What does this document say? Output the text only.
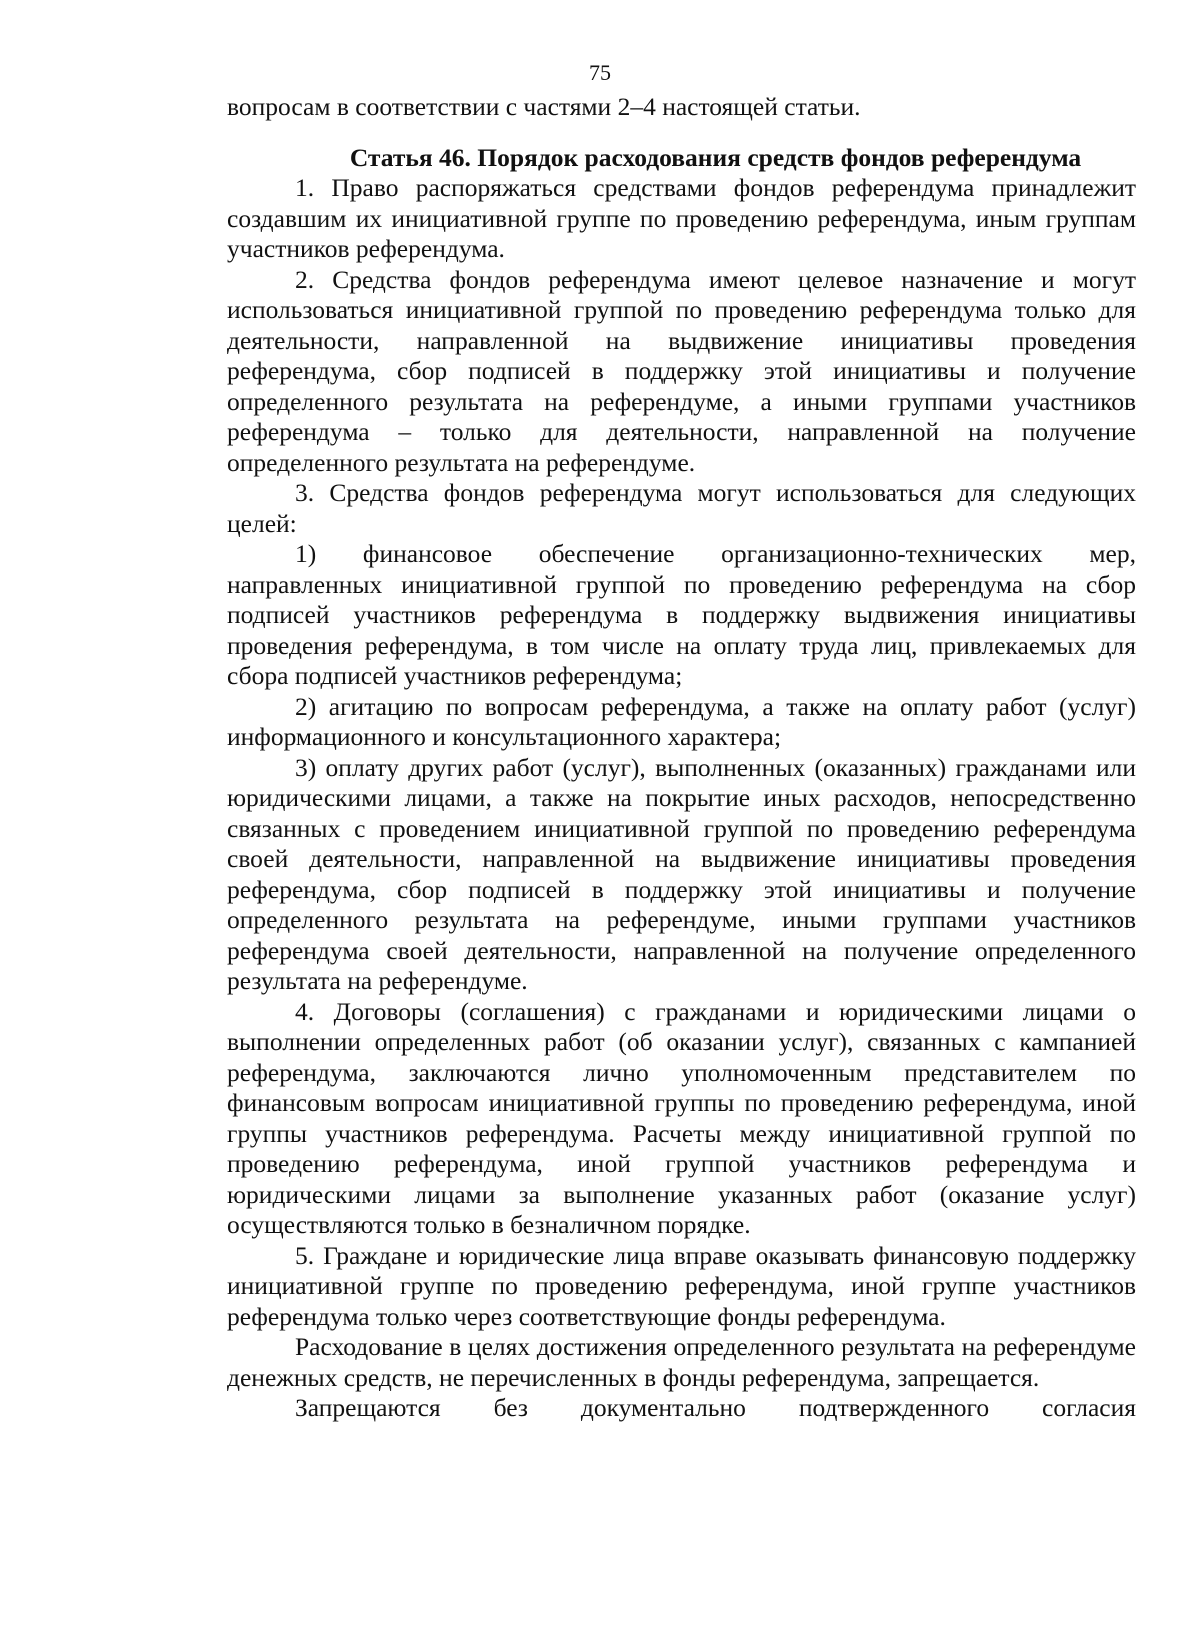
75

вопросам в соответствии с частями 2–4 настоящей статьи.

Статья 46. Порядок расходования средств фондов референдума

1. Право распоряжаться средствами фондов референдума принадлежит создавшим их инициативной группе по проведению референдума, иным группам участников референдума.

2. Средства фондов референдума имеют целевое назначение и могут использоваться инициативной группой по проведению референдума только для деятельности, направленной на выдвижение инициативы проведения референдума, сбор подписей в поддержку этой инициативы и получение определенного результата на референдуме, а иными группами участников референдума – только для деятельности, направленной на получение определенного результата на референдуме.

3. Средства фондов референдума могут использоваться для следующих целей:

1) финансовое обеспечение организационно-технических мер, направленных инициативной группой по проведению референдума на сбор подписей участников референдума в поддержку выдвижения инициативы проведения референдума, в том числе на оплату труда лиц, привлекаемых для сбора подписей участников референдума;

2) агитацию по вопросам референдума, а также на оплату работ (услуг) информационного и консультационного характера;

3) оплату других работ (услуг), выполненных (оказанных) гражданами или юридическими лицами, а также на покрытие иных расходов, непосредственно связанных с проведением инициативной группой по проведению референдума своей деятельности, направленной на выдвижение инициативы проведения референдума, сбор подписей в поддержку этой инициативы и получение определенного результата на референдуме, иными группами участников референдума своей деятельности, направленной на получение определенного результата на референдуме.

4. Договоры (соглашения) с гражданами и юридическими лицами о выполнении определенных работ (об оказании услуг), связанных с кампанией референдума, заключаются лично уполномоченным представителем по финансовым вопросам инициативной группы по проведению референдума, иной группы участников референдума. Расчеты между инициативной группой по проведению референдума, иной группой участников референдума и юридическими лицами за выполнение указанных работ (оказание услуг) осуществляются только в безналичном порядке.

5. Граждане и юридические лица вправе оказывать финансовую поддержку инициативной группе по проведению референдума, иной группе участников референдума только через соответствующие фонды референдума.

Расходование в целях достижения определенного результата на референдуме денежных средств, не перечисленных в фонды референдума, запрещается.

Запрещаются без документально подтвержденного согласия
